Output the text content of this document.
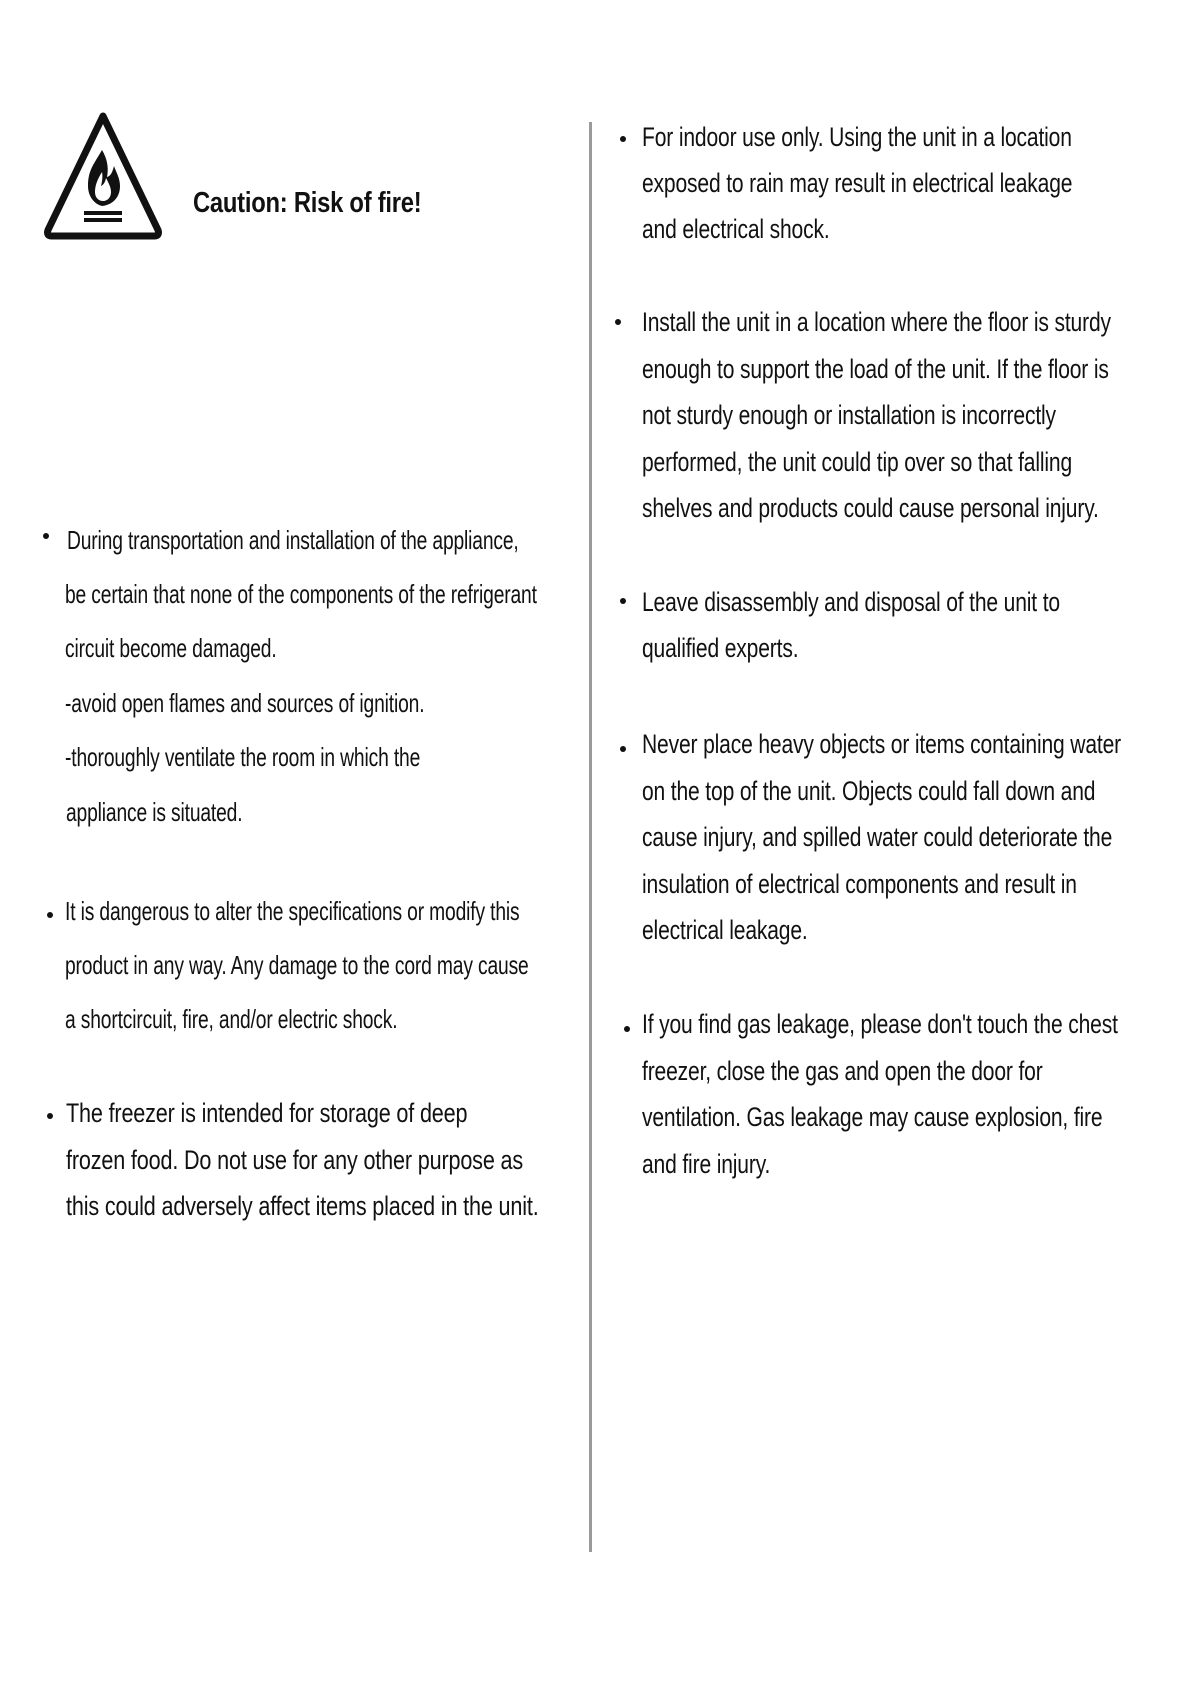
Caution: Risk of fire!
During transportation and installation of the appliance,
be certain that none of the components of the refrigerant
circuit become damaged.
-avoid open flames and sources of ignition.
-thoroughly ventilate the room in which the
appliance is situated.
It is dangerous to alter the specifications or modify this
product in any way. Any damage to the cord may cause
a shortcircuit, fire, and/or electric shock.
The freezer is intended for storage of deep
frozen food. Do not use for any other purpose as
this could adversely affect items placed in the unit.
For indoor use only. Using the unit in a location
exposed to rain may result in electrical leakage
and electrical shock.
Install the unit in a location where the floor is sturdy
enough to support the load of the unit. If the floor is
not sturdy enough or installation is incorrectly
performed, the unit could tip over so that falling
shelves and products could cause personal injury.
Leave disassembly and disposal of the unit to
qualified experts.
Never place heavy objects or items containing water
on the top of the unit. Objects could fall down and
cause injury, and spilled water could deteriorate the
insulation of electrical components and result in
electrical leakage.
If you find gas leakage, please don't touch the chest
freezer, close the gas and open the door for
ventilation. Gas leakage may cause explosion, fire
and fire injury.
